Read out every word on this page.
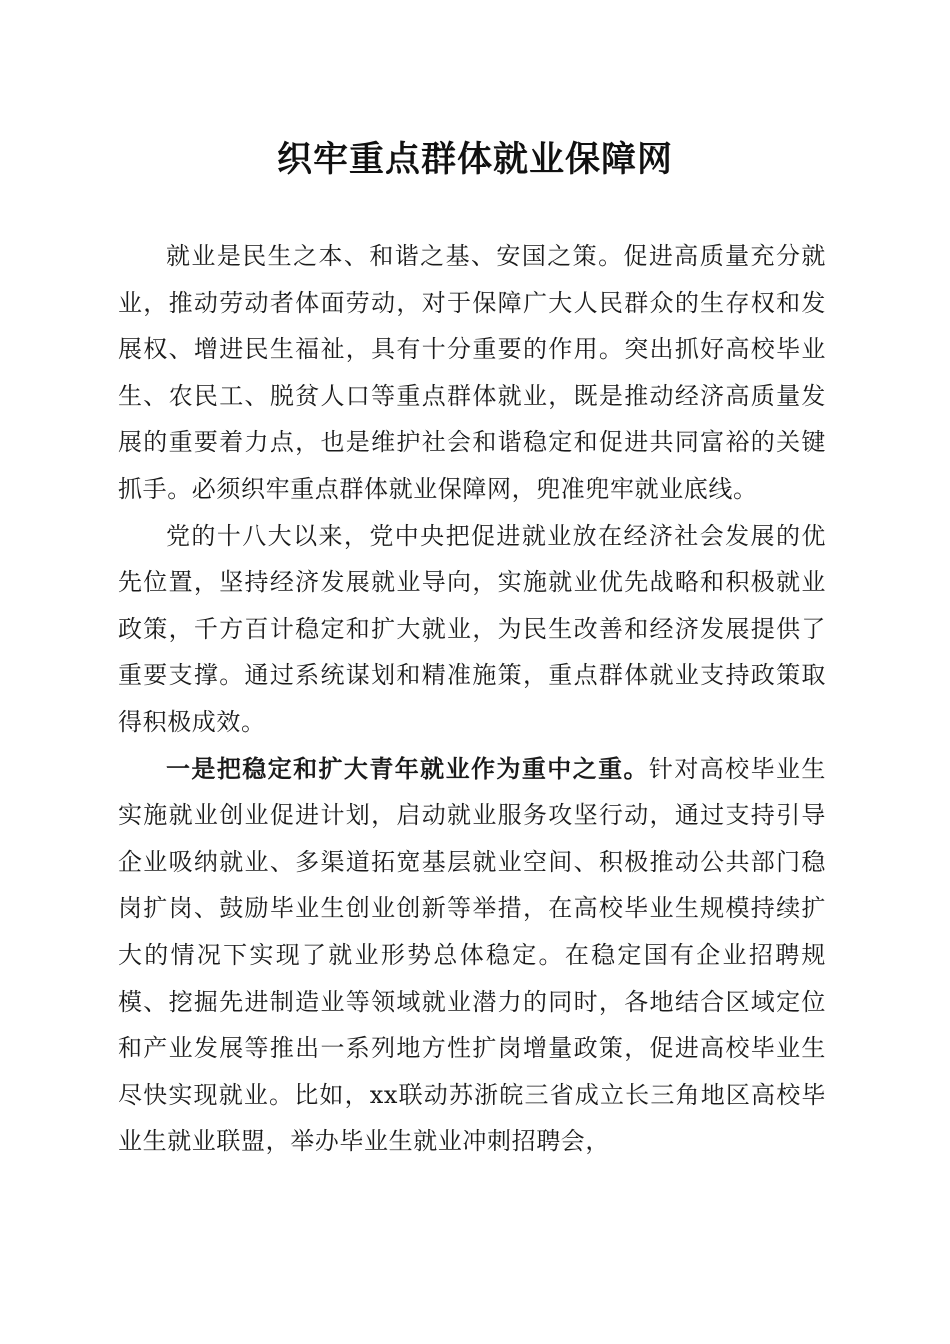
织牢重点群体就业保障网

就业是民生之本、和谐之基、安国之策。促进高质量充分就业，推动劳动者体面劳动，对于保障广大人民群众的生存权和发展权、增进民生福祉，具有十分重要的作用。突出抓好高校毕业生、农民工、脱贫人口等重点群体就业，既是推动经济高质量发展的重要着力点，也是维护社会和谐稳定和促进共同富裕的关键抓手。必须织牢重点群体就业保障网，兜准兜牢就业底线。

党的十八大以来，党中央把促进就业放在经济社会发展的优先位置，坚持经济发展就业导向，实施就业优先战略和积极就业政策，千方百计稳定和扩大就业，为民生改善和经济发展提供了重要支撑。通过系统谋划和精准施策，重点群体就业支持政策取得积极成效。

一是把稳定和扩大青年就业作为重中之重。针对高校毕业生实施就业创业促进计划，启动就业服务攻坚行动，通过支持引导企业吸纳就业、多渠道拓宽基层就业空间、积极推动公共部门稳岗扩岗、鼓励毕业生创业创新等举措，在高校毕业生规模持续扩大的情况下实现了就业形势总体稳定。在稳定国有企业招聘规模、挖掘先进制造业等领域就业潜力的同时，各地结合区域定位和产业发展等推出一系列地方性扩岗增量政策，促进高校毕业生尽快实现就业。比如，xx联动苏浙皖三省成立长三角地区高校毕业生就业联盟，举办毕业生就业冲刺招聘会，
